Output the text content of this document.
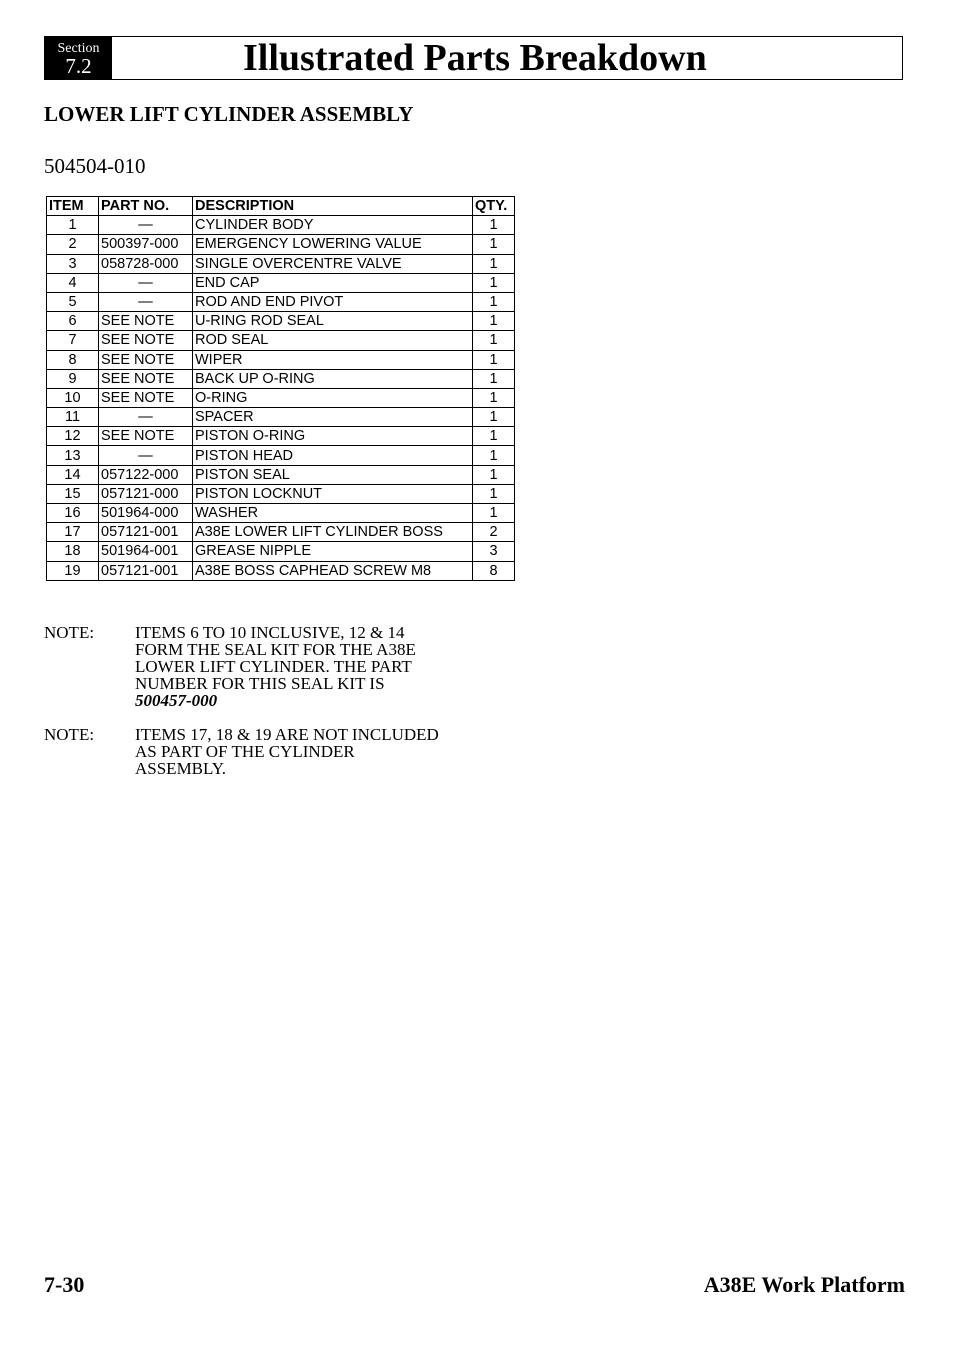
Section
7.2	Illustrated Parts Breakdown
LOWER LIFT CYLINDER ASSEMBLY
504504-010
ITEM	PART NO.	DESCRIPTION	QTY.
1	—	CYLINDER BODY	1
2	500397-000	EMERGENCY LOWERING VALUE	1
3	058728-000	SINGLE OVERCENTRE VALVE	1
4	—	END CAP	1
5	—	ROD AND END PIVOT	1
6	SEE NOTE	U-RING ROD SEAL	1
7	SEE NOTE	ROD SEAL	1
8	SEE NOTE	WIPER	1
9	SEE NOTE	BACK UP O-RING	1
10	SEE NOTE	O-RING	1
11	—	SPACER	1
12	SEE NOTE	PISTON O-RING	1
13	—	PISTON HEAD	1
14	057122-000	PISTON SEAL	1
15	057121-000	PISTON LOCKNUT	1
16	501964-000	WASHER	1
17	057121-001	A38E LOWER LIFT CYLINDER BOSS	2
18	501964-001	GREASE NIPPLE	3
19	057121-001	A38E BOSS CAPHEAD SCREW M8	8
NOTE:	ITEMS 6 TO 10 INCLUSIVE, 12 & 14
FORM THE SEAL KIT FOR THE A38E
LOWER LIFT CYLINDER. THE PART
NUMBER FOR THIS SEAL KIT IS
500457-000
NOTE:	ITEMS 17, 18 & 19 ARE NOT INCLUDED
AS PART OF THE CYLINDER
ASSEMBLY.
7-30	A38E Work Platform
